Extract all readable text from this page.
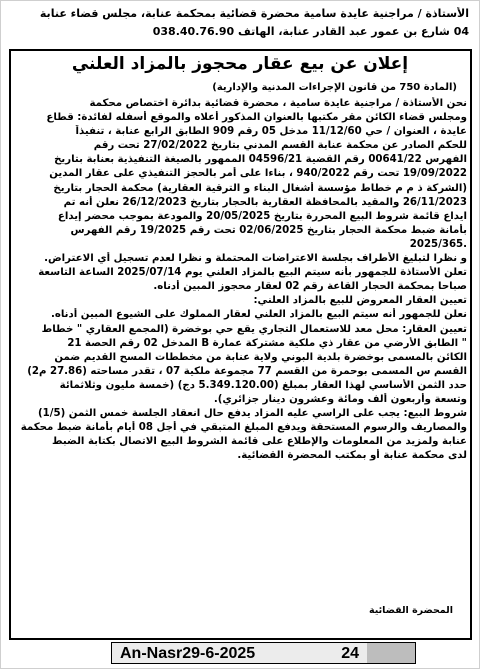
الأستاذة / مراجنية عايدة سامية محضرة قضائية بمحكمة عنابة، مجلس قضاء عنابة
04 شارع بن عمور عبد القادر عنابة، الهاتف 038.40.76.90
إعلان عن بيع عقار محجوز بالمزاد العلني
(المادة 750 من قانون الإجراءات المدنية والإدارية)
نحن الأستاذة / مراجنية عايدة سامية ، محضرة قضائية بدائرة اختصاص محكمة
ومجلس قضاء الكائن مقر مكتبها بالعنوان المذكور أعلاه والموقع أسفله لفائدة: قطاع
عايدة ، العنوان / حي 11/12/60 مدخل 05 رقم 909 الطابق الرابع عنابة ، تنفيذاً
للحكم الصادر عن محكمة عنابة القسم المدني بتاريخ 27/02/2022 تحت رقم
الفهرس 00641/22 رقم القضية 04596/21 الممهور بالصيغة التنفيذية بعنابة بتاريخ
19/09/2022 تحت رقم 940/2022 ، بناءا على أمر بالحجز التنفيذي على عقار المدين
(الشركة ذ م م خطاط مؤسسة أشغال البناء و الترقية العقارية) محكمة الحجار بتاريخ
26/11/2023 والمقيد بالمحافظة العقارية بالحجار بتاريخ 26/12/2023 نعلن أنه تم
ايداع قائمة شروط البيع المحررة بتاريخ 20/05/2025 والمودعة بموجب محضر إيداع
بأمانة ضبط محكمة الحجار بتاريخ 02/06/2025 تحت رقم 19/2025 رقم الفهرس
2025/365.
و نظرا لتبليغ الأطراف بجلسة الاعتراضات المحتملة و نظرا لعدم تسجيل أي الاعتراض.
تعلن الأستاذة للجمهور بأنه سيتم البيع بالمزاد العلني يوم 2025/07/14 الساعة التاسعة
صباحا بمحكمة الحجار القاعة رقم 02 لعقار محجوز المبين أدناه.
تعيين العقار المعروض للبيع بالمزاد العلني:
نعلن للجمهور أنه سيتم البيع بالمزاد العلني لعقار المملوك على الشيوع المبين أدناه.
تعيين العقار: محل معد للاستعمال التجاري يقع حي بوخضرة (المجمع العقاري " خطاط
" الطابق الأرضي من عقار ذي ملكية مشتركة عمارة B المدخل 02 رقم الحصة 21
الكائن بالمسمى بوخضرة بلدية البوني ولاية عنابة من مخططات المسح القديم ضمن
القسم س المسمى بوحمرة من القسم 77 مجموعة ملكية 07 ، تقدر مساحته (27.86 م2)
حدد الثمن الأساسي لهذا العقار بمبلغ (5.349.120.00 دج) (خمسة مليون وثلاثمائة
وتسعة وأربعون ألف ومائة وعشرون دينار جزائري).
شروط البيع: يجب على الراسي عليه المزاد يدفع حال انعقاد الجلسة خمس الثمن (1/5)
والمصاريف والرسوم المستحقة ويدفع المبلغ المتبقي في أجل 08 أيام بأمانة ضبط محكمة
عنابة ولمزيد من المعلومات والإطلاع على قائمة الشروط البيع الاتصال بكتابة الضبط
لدى محكمة عنابة أو بمكتب المحضرة القضائية.
المحضرة القضائية
An-Nasr29-6-2025	24
